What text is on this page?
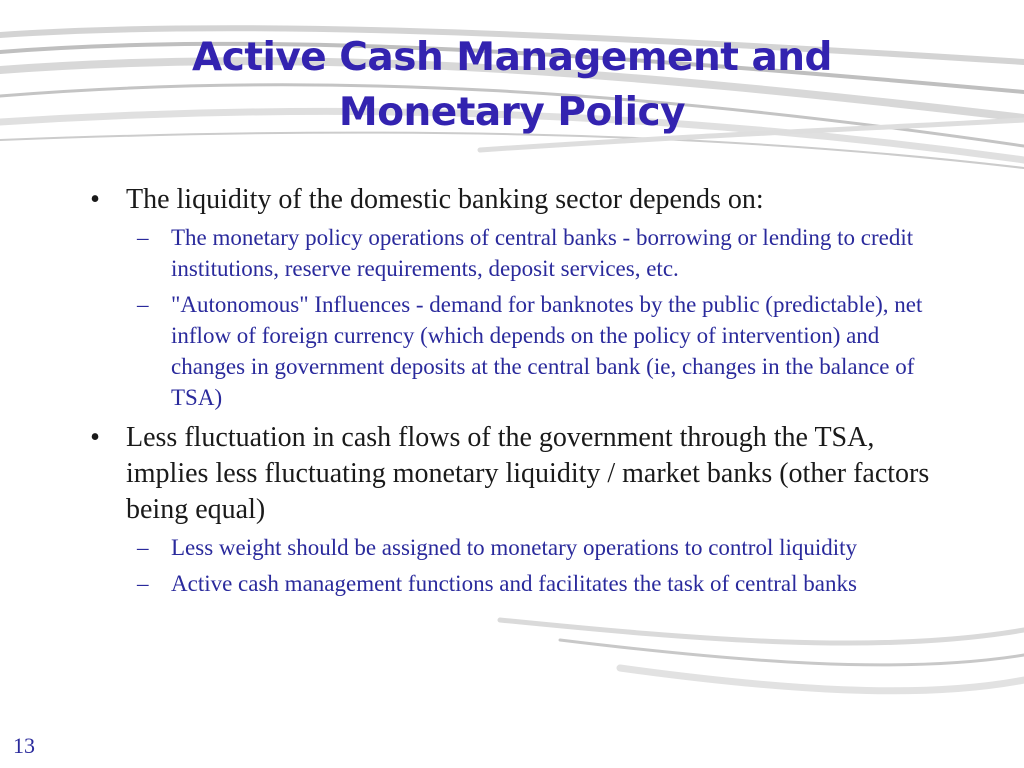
Active Cash Management and
Monetary Policy
• The liquidity of the domestic banking sector depends on:
– The monetary policy operations of central banks - borrowing or lending to credit institutions, reserve requirements, deposit services, etc.
– "Autonomous" Influences - demand for banknotes by the public (predictable), net inflow of foreign currency (which depends on the policy of intervention) and changes in government deposits at the central bank (ie, changes in the balance of TSA)
• Less fluctuation in cash flows of the government through the TSA, implies less fluctuating monetary liquidity / market banks (other factors being equal)
– Less weight should be assigned to monetary operations to control liquidity
– Active cash management functions and facilitates the task of central banks
13
